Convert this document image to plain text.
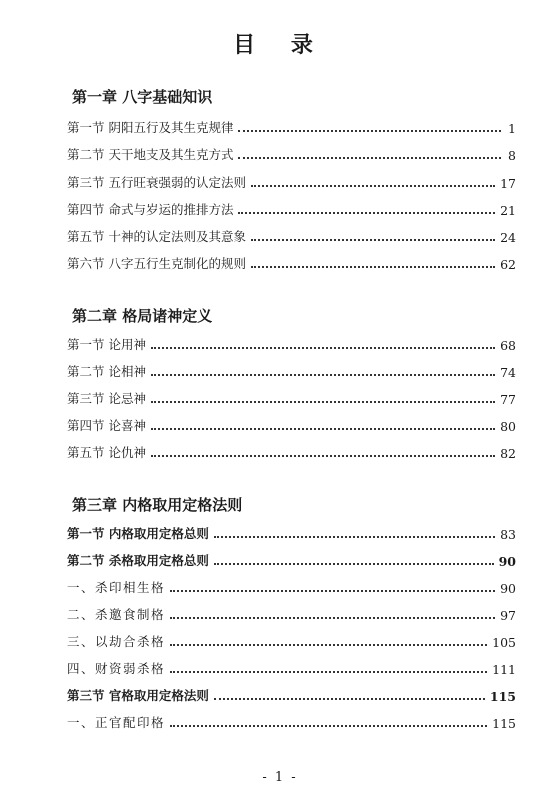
目 录
第一章 八字基础知识
第一节 阴阳五行及其生克规律	1
第二节 天干地支及其生克方式	8
第三节 五行旺衰强弱的认定法则	17
第四节 命式与岁运的推排方法	21
第五节 十神的认定法则及其意象	24
第六节 八字五行生克制化的规则	62
第二章 格局诸神定义
第一节 论用神	68
第二节 论相神	74
第三节 论忌神	77
第四节 论喜神	80
第五节 论仇神	82
第三章 内格取用定格法则
第一节 内格取用定格总则	83
第二节 杀格取用定格总则	90
一、杀印相生格	90
二、杀邀食制格	97
三、以劫合杀格	105
四、财资弱杀格	111
第三节 官格取用定格法则	115
一、正官配印格	115
- 1 -
